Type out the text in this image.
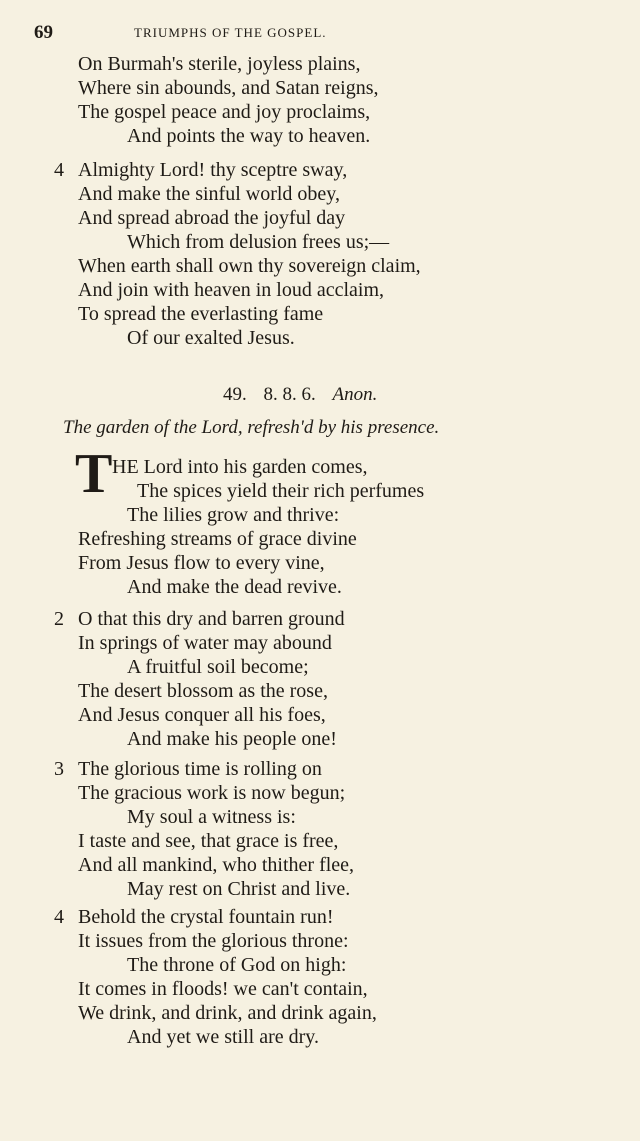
69	TRIUMPHS OF THE GOSPEL.
On Burmah's sterile, joyless plains,
Where sin abounds, and Satan reigns,
The gospel peace and joy proclaims,
And points the way to heaven.
4 Almighty Lord! thy sceptre sway,
And make the sinful world obey,
And spread abroad the joyful day
Which from delusion frees us;—
When earth shall own thy sovereign claim,
And join with heaven in loud acclaim,
To spread the everlasting fame
Of our exalted Jesus.
49. 8. 8. 6. Anon.
The garden of the Lord, refresh'd by his presence.
T HE Lord into his garden comes,
The spices yield their rich perfumes
The lilies grow and thrive:
Refreshing streams of grace divine
From Jesus flow to every vine,
And make the dead revive.
2 O that this dry and barren ground
In springs of water may abound
A fruitful soil become;
The desert blossom as the rose,
And Jesus conquer all his foes,
And make his people one!
3 The glorious time is rolling on
The gracious work is now begun;
My soul a witness is:
I taste and see, that grace is free,
And all mankind, who thither flee,
May rest on Christ and live.
4 Behold the crystal fountain run!
It issues from the glorious throne:
The throne of God on high:
It comes in floods! we can't contain,
We drink, and drink, and drink again,
And yet we still are dry.
